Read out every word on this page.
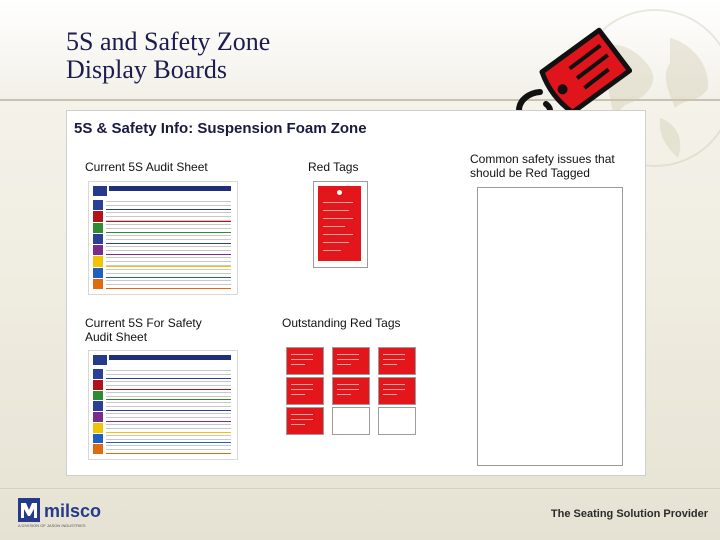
5S and Safety Zone
Display Boards
5S & Safety Info: Suspension Foam Zone
Current 5S Audit Sheet	Red Tags
Common safety issues that should be Red Tagged
Current 5S For Safety Audit Sheet
Outstanding Red Tags
milsco
A DIVISION OF JASON INDUSTRIES
The Seating Solution Provider
